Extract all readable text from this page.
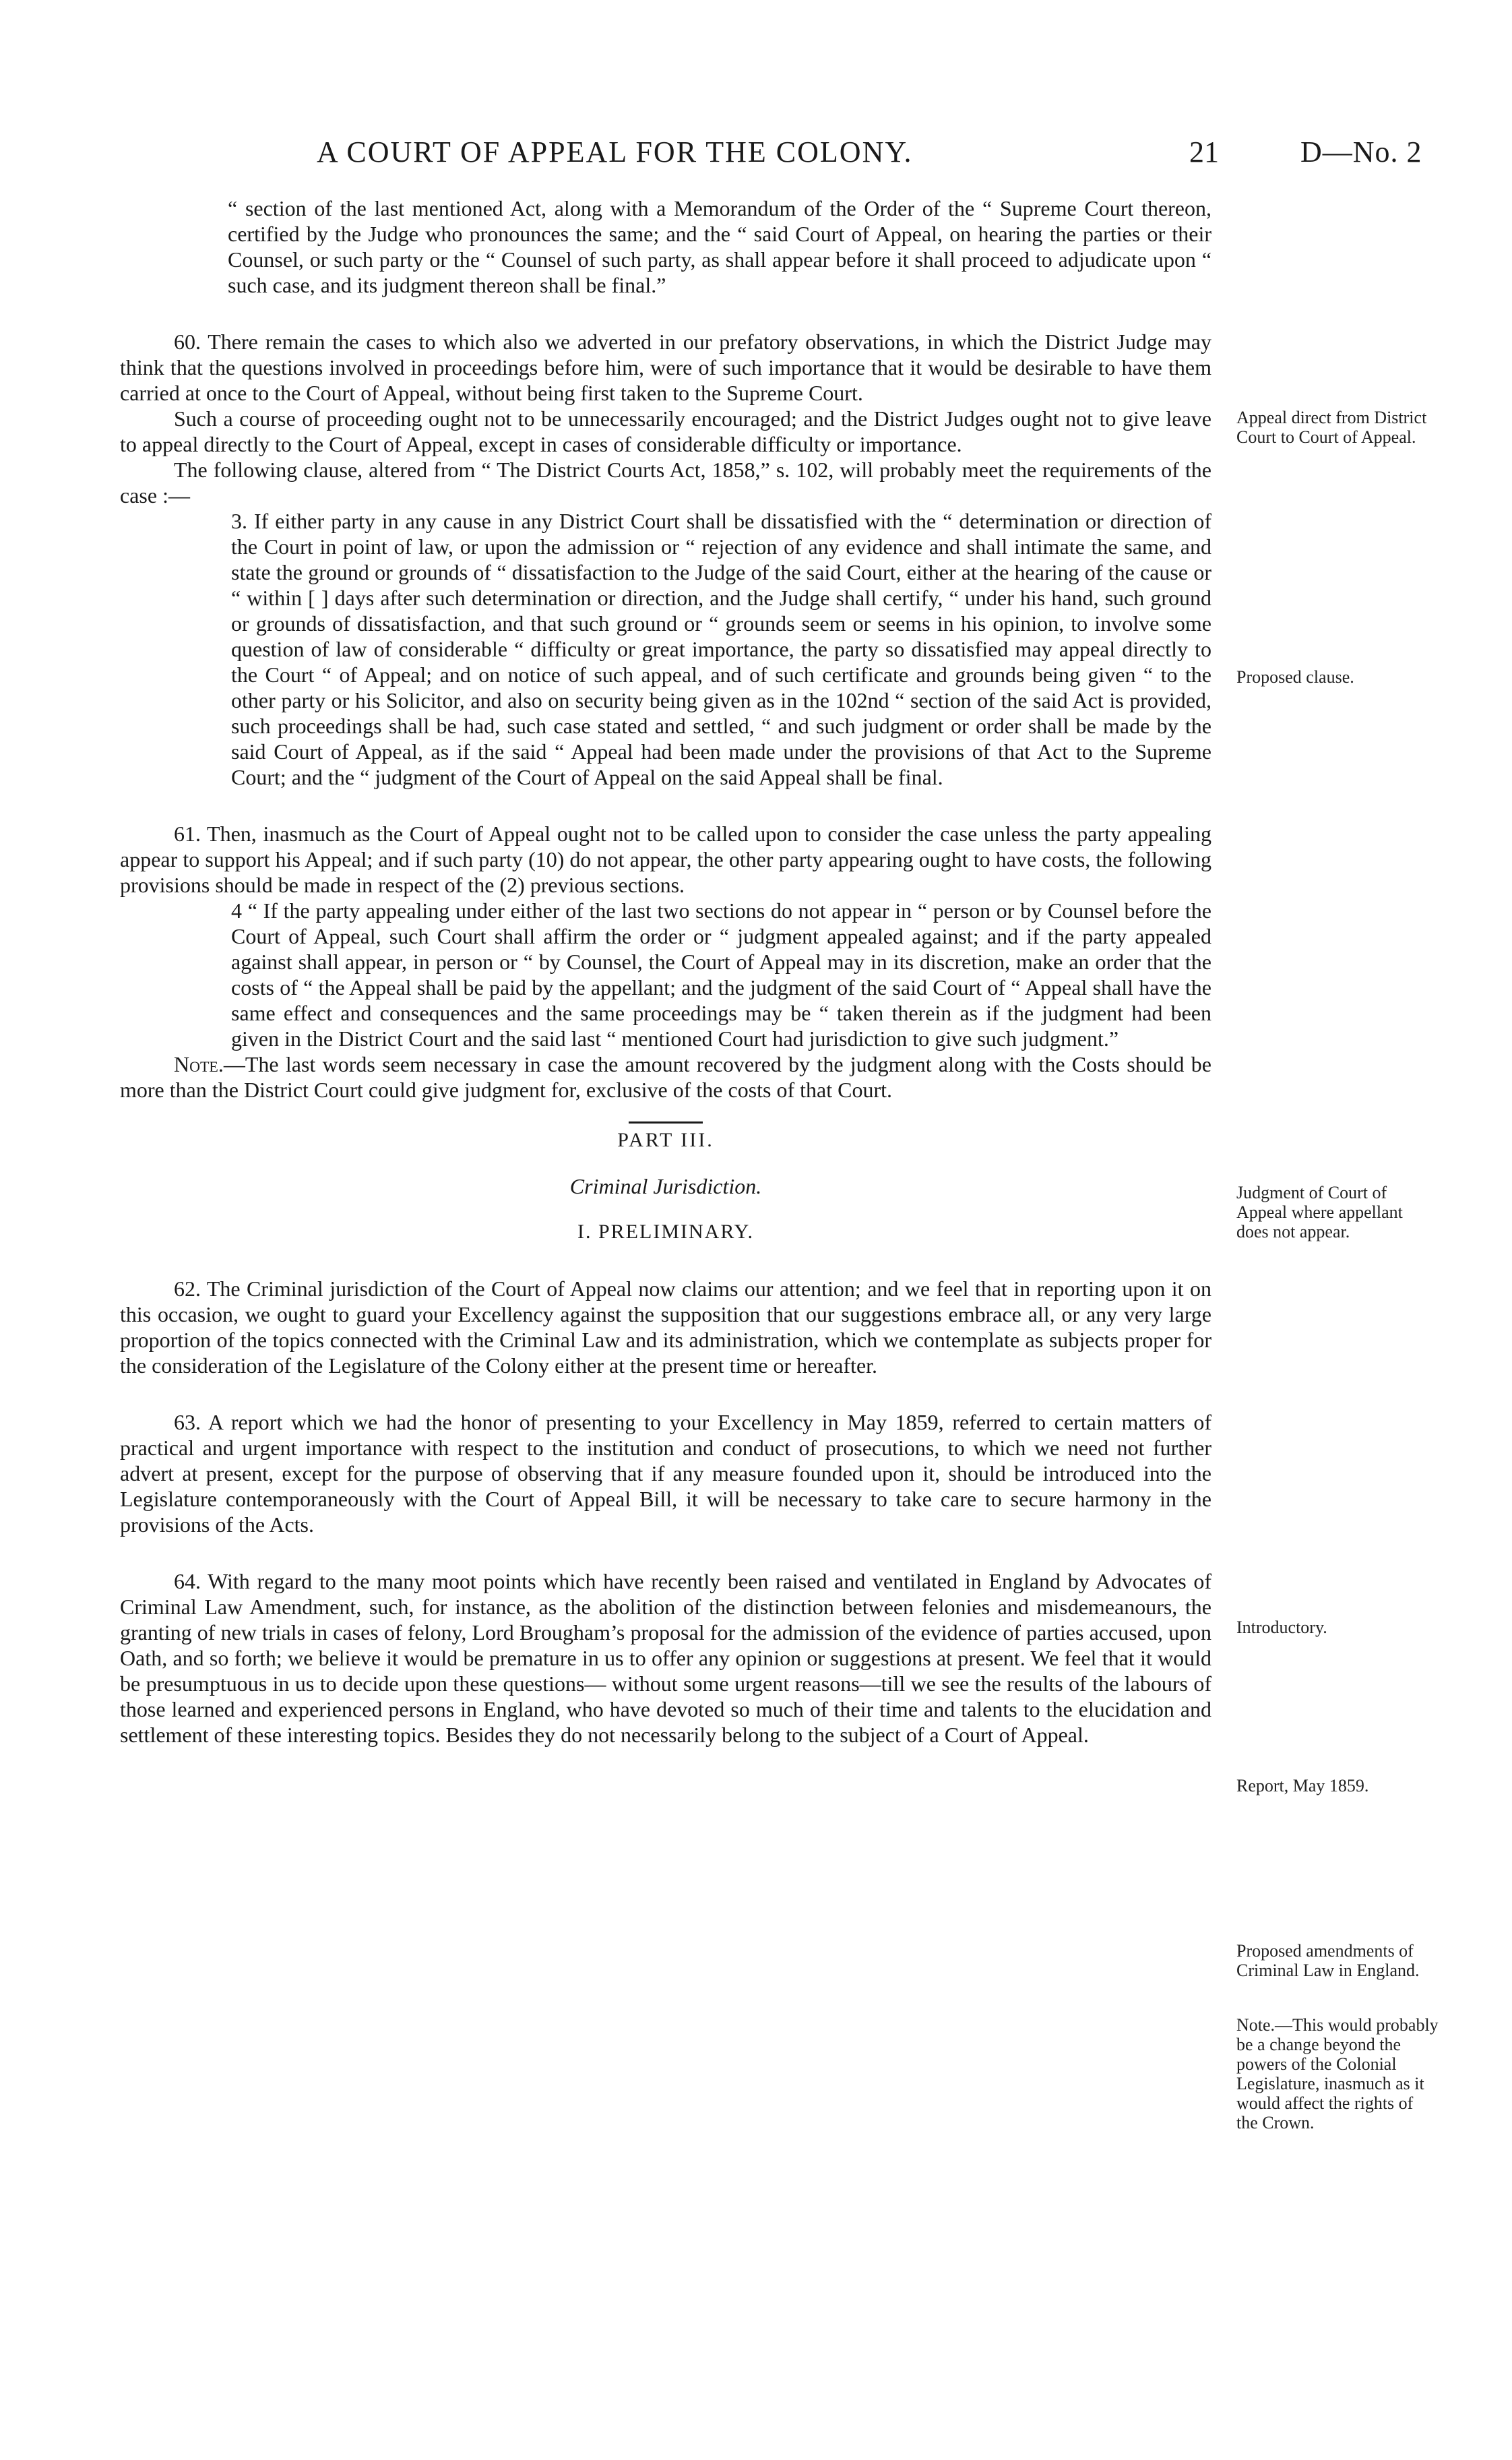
A COURT OF APPEAL FOR THE COLONY.	21	D—No. 2

“ section of the last mentioned Act, along with a Memorandum of the Order of the “ Supreme Court thereon, certified by the Judge who pronounces the same; and the “ said Court of Appeal, on hearing the parties or their Counsel, or such party or the “ Counsel of such party, as shall appear before it shall proceed to adjudicate upon “ such case, and its judgment thereon shall be final.”

60. There remain the cases to which also we adverted in our prefatory observations, in which the District Judge may think that the questions involved in proceedings before him, were of such importance that it would be desirable to have them carried at once to the Court of Appeal, without being first taken to the Supreme Court.

Such a course of proceeding ought not to be unnecessarily encouraged; and the District Judges ought not to give leave to appeal directly to the Court of Appeal, except in cases of considerable difficulty or importance.

The following clause, altered from “ The District Courts Act, 1858,” s. 102, will probably meet the requirements of the case :—

3. If either party in any cause in any District Court shall be dissatisfied with the “ determination or direction of the Court in point of law, or upon the admission or “ rejection of any evidence and shall intimate the same, and state the ground or grounds of “ dissatisfaction to the Judge of the said Court, either at the hearing of the cause or “ within [ ] days after such determination or direction, and the Judge shall certify, “ under his hand, such ground or grounds of dissatisfaction, and that such ground or “ grounds seem or seems in his opinion, to involve some question of law of considerable “ difficulty or great importance, the party so dissatisfied may appeal directly to the Court “ of Appeal; and on notice of such appeal, and of such certificate and grounds being given “ to the other party or his Solicitor, and also on security being given as in the 102nd “ section of the said Act is provided, such proceedings shall be had, such case stated and settled, “ and such judgment or order shall be made by the said Court of Appeal, as if the said “ Appeal had been made under the provisions of that Act to the Supreme Court; and the “ judgment of the Court of Appeal on the said Appeal shall be final.

61. Then, inasmuch as the Court of Appeal ought not to be called upon to consider the case unless the party appealing appear to support his Appeal; and if such party (10) do not appear, the other party appearing ought to have costs, the following provisions should be made in respect of the (2) previous sections.

4 “ If the party appealing under either of the last two sections do not appear in “ person or by Counsel before the Court of Appeal, such Court shall affirm the order or “ judgment appealed against; and if the party appealed against shall appear, in person or “ by Counsel, the Court of Appeal may in its discretion, make an order that the costs of “ the Appeal shall be paid by the appellant; and the judgment of the said Court of “ Appeal shall have the same effect and consequences and the same proceedings may be “ taken therein as if the judgment had been given in the District Court and the said last “ mentioned Court had jurisdiction to give such judgment.”

Note.—The last words seem necessary in case the amount recovered by the judgment along with the Costs should be more than the District Court could give judgment for, exclusive of the costs of that Court.

PART III.

Criminal Jurisdiction.

I. PRELIMINARY.

62. The Criminal jurisdiction of the Court of Appeal now claims our attention; and we feel that in reporting upon it on this occasion, we ought to guard your Excellency against the supposition that our suggestions embrace all, or any very large proportion of the topics connected with the Criminal Law and its administration, which we contemplate as subjects proper for the consideration of the Legislature of the Colony either at the present time or hereafter.

63. A report which we had the honor of presenting to your Excellency in May 1859, referred to certain matters of practical and urgent importance with respect to the institution and conduct of prosecutions, to which we need not further advert at present, except for the purpose of observing that if any measure founded upon it, should be introduced into the Legislature contemporaneously with the Court of Appeal Bill, it will be necessary to take care to secure harmony in the provisions of the Acts.

64. With regard to the many moot points which have recently been raised and ventilated in England by Advocates of Criminal Law Amendment, such, for instance, as the abolition of the distinction between felonies and misdemeanours, the granting of new trials in cases of felony, Lord Brougham’s proposal for the admission of the evidence of parties accused, upon Oath, and so forth; we believe it would be premature in us to offer any opinion or suggestions at present. We feel that it would be presumptuous in us to decide upon these questions— without some urgent reasons—till we see the results of the labours of those learned and experienced persons in England, who have devoted so much of their time and talents to the elucidation and settlement of these interesting topics. Besides they do not necessarily belong to the subject of a Court of Appeal.

Appeal direct from District Court to Court of Appeal.
Proposed clause.
Judgment of Court of Appeal where appellant does not appear.
Introductory.
Report, May 1859.
Proposed amendments of Criminal Law in England.
Note.—This would probably be a change beyond the powers of the Colonial Legislature, inasmuch as it would affect the rights of the Crown.
